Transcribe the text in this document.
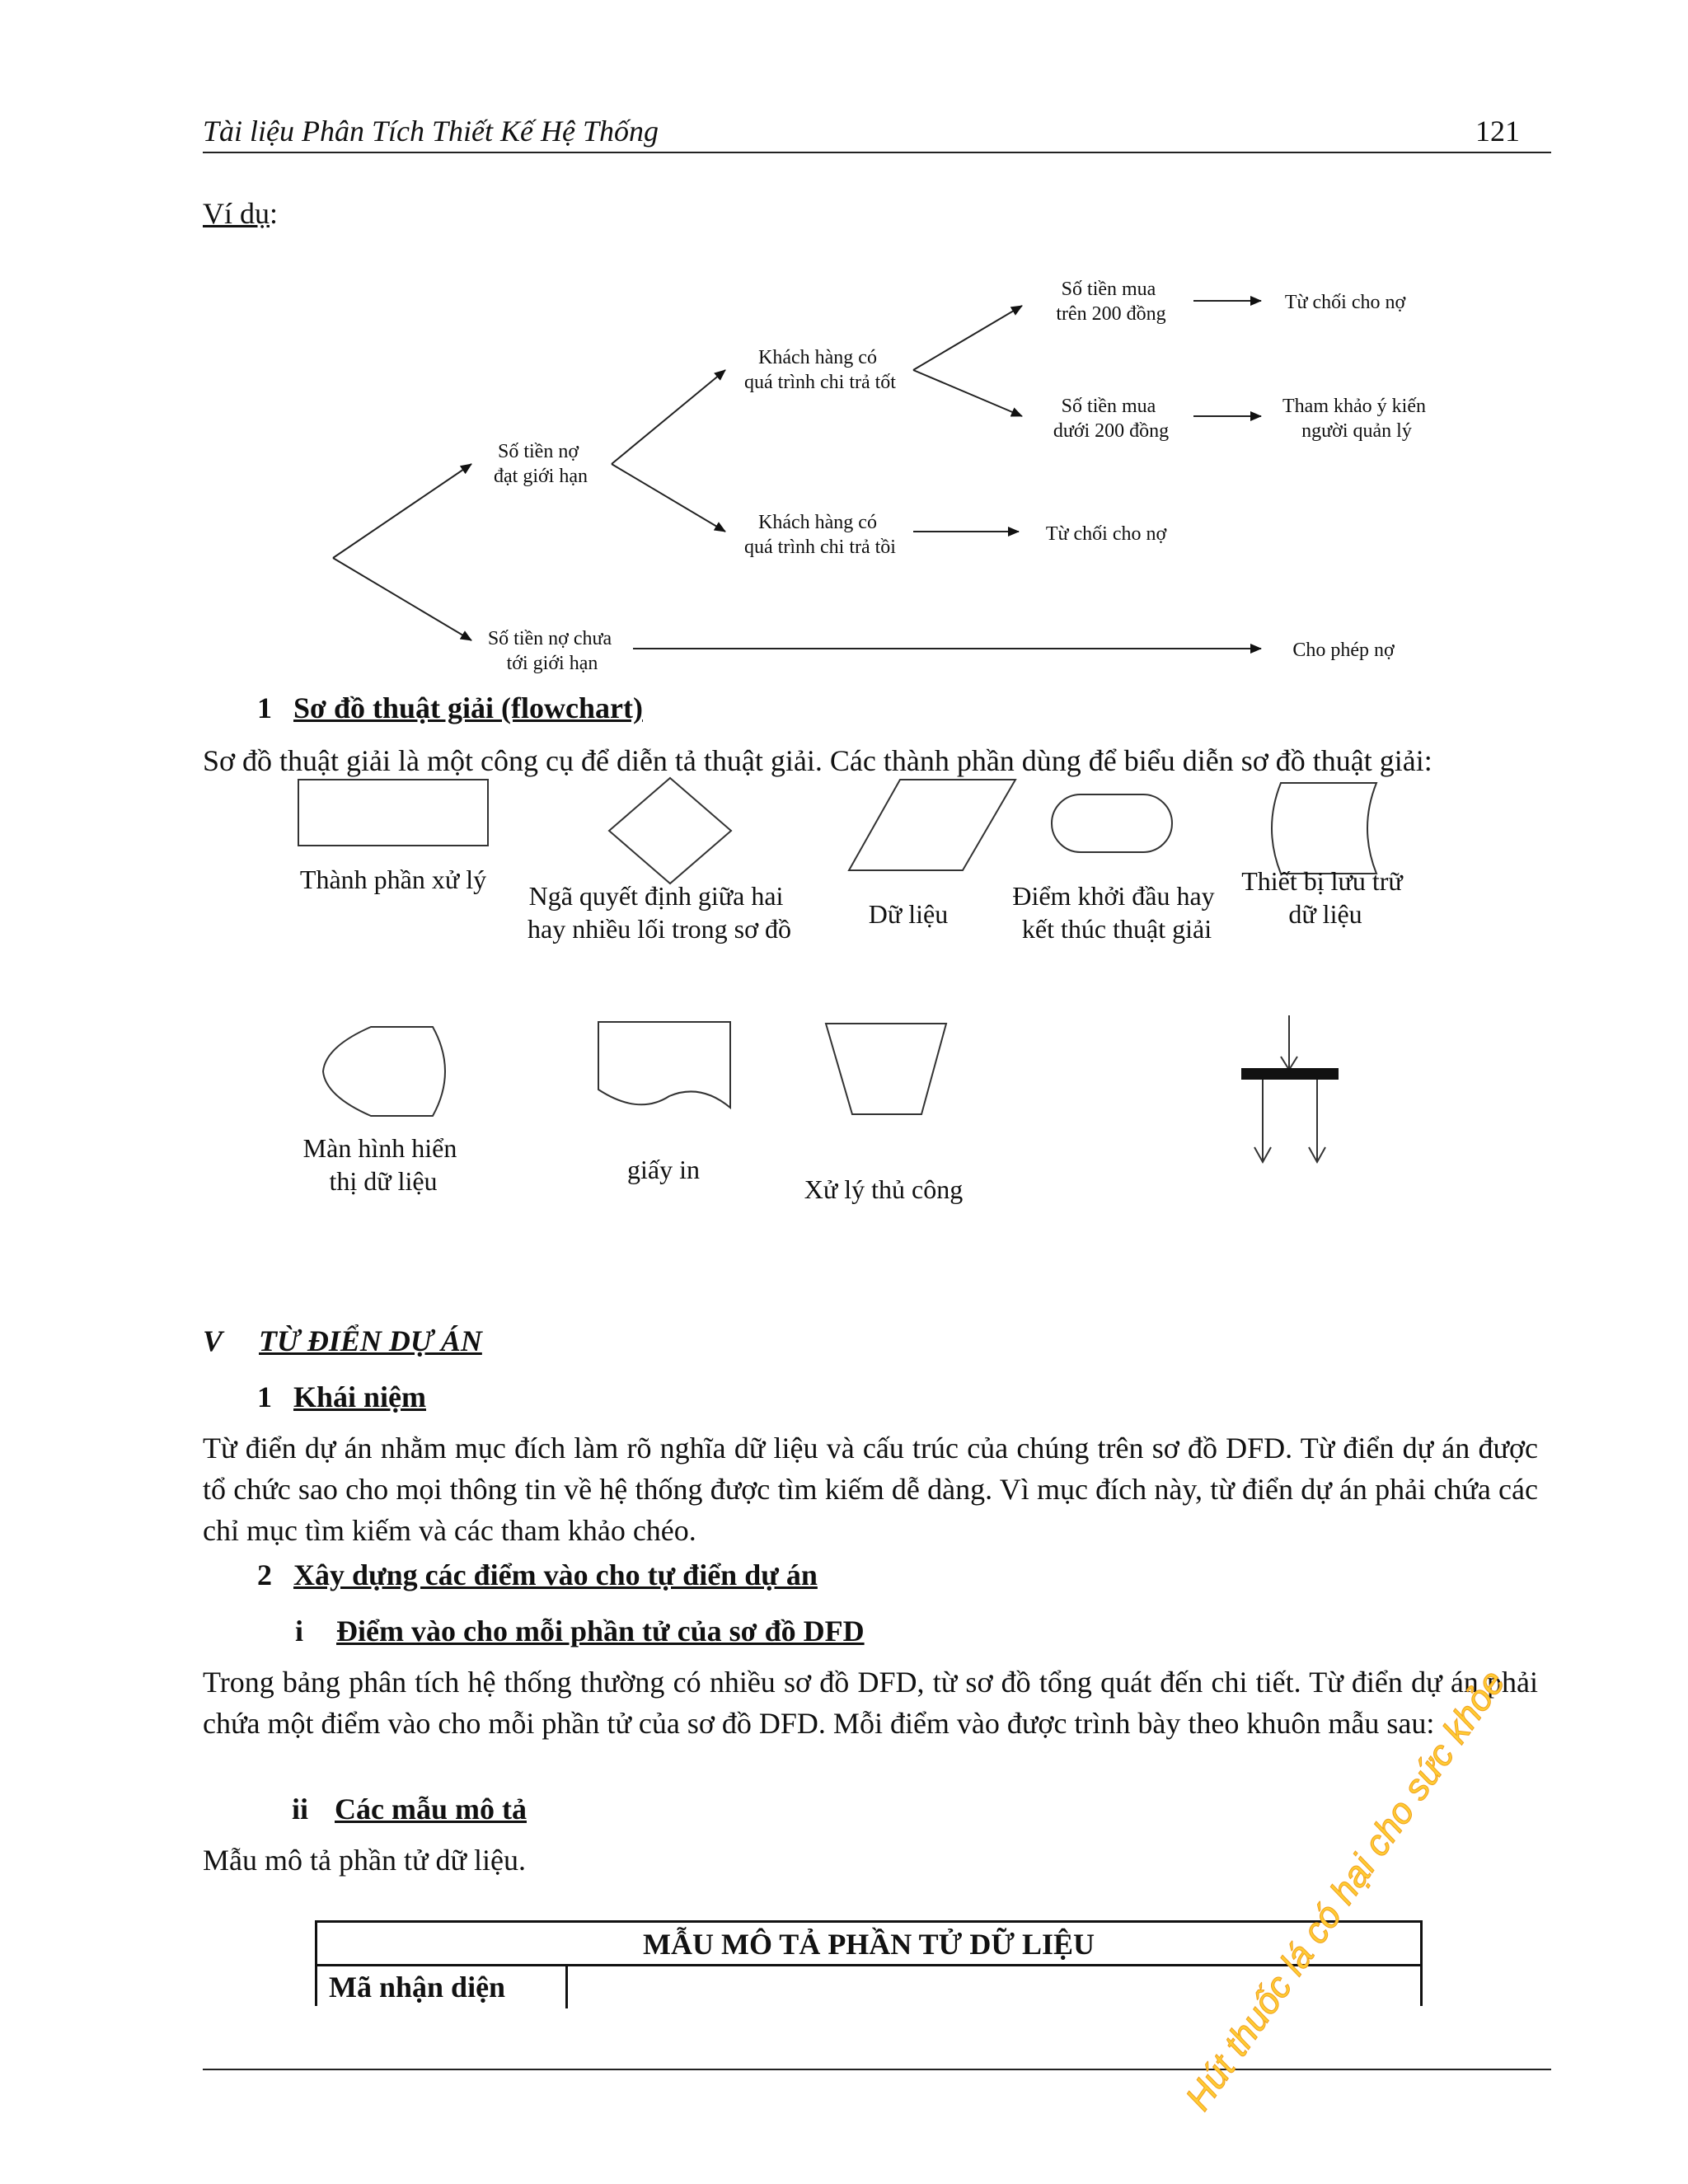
Tài liệu Phân Tích Thiết Kế Hệ Thống	121
Ví dụ:
Số tiền nợ đạt giới hạn
Số tiền nợ chưa tới giới hạn
Khách hàng có quá trình chi trả tốt
Khách hàng có quá trình chi trả tồi
Số tiền mua trên 200 đồng
Số tiền mua dưới 200 đồng
Từ chối cho nợ
Tham khảo ý kiến người quản lý
Từ chối cho nợ
Cho phép nợ
1 Sơ đồ thuật giải (flowchart)
Sơ đồ thuật giải là một công cụ để diễn tả thuật giải. Các thành phần dùng để biểu diễn sơ đồ thuật giải:
Thành phần xử lý
Ngã quyết định giữa hai hay nhiều lối trong sơ đồ	Dữ liệu
Điểm khởi đầu hay kết thúc thuật giải
Thiết bị lưu trữ dữ liệu
Màn hình hiển thị dữ liệu	giấy in
Xử lý thủ công
V TỪ ĐIỂN DỰ ÁN
1 Khái niệm
Từ điển dự án nhằm mục đích làm rõ nghĩa dữ liệu và cấu trúc của chúng trên sơ đồ DFD. Từ điển dự án được tổ chức sao cho mọi thông tin về hệ thống được tìm kiếm dễ dàng. Vì mục đích này, từ điển dự án phải chứa các chỉ mục tìm kiếm và các tham khảo chéo.
2 Xây dựng các điểm vào cho tự điển dự án
i Điểm vào cho mỗi phần tử của sơ đồ DFD
Trong bảng phân tích hệ thống thường có nhiều sơ đồ DFD, từ sơ đồ tổng quát đến chi tiết. Từ điển dự án phải chứa một điểm vào cho mỗi phần tử của sơ đồ DFD. Mỗi điểm vào được trình bày theo khuôn mẫu sau:
ii Các mẫu mô tả
Mẫu mô tả phần tử dữ liệu.
MẪU MÔ TẢ PHẦN TỬ DỮ LIỆU
Mã nhận diện	Hút thuốc lá có hại cho sức khỏe
